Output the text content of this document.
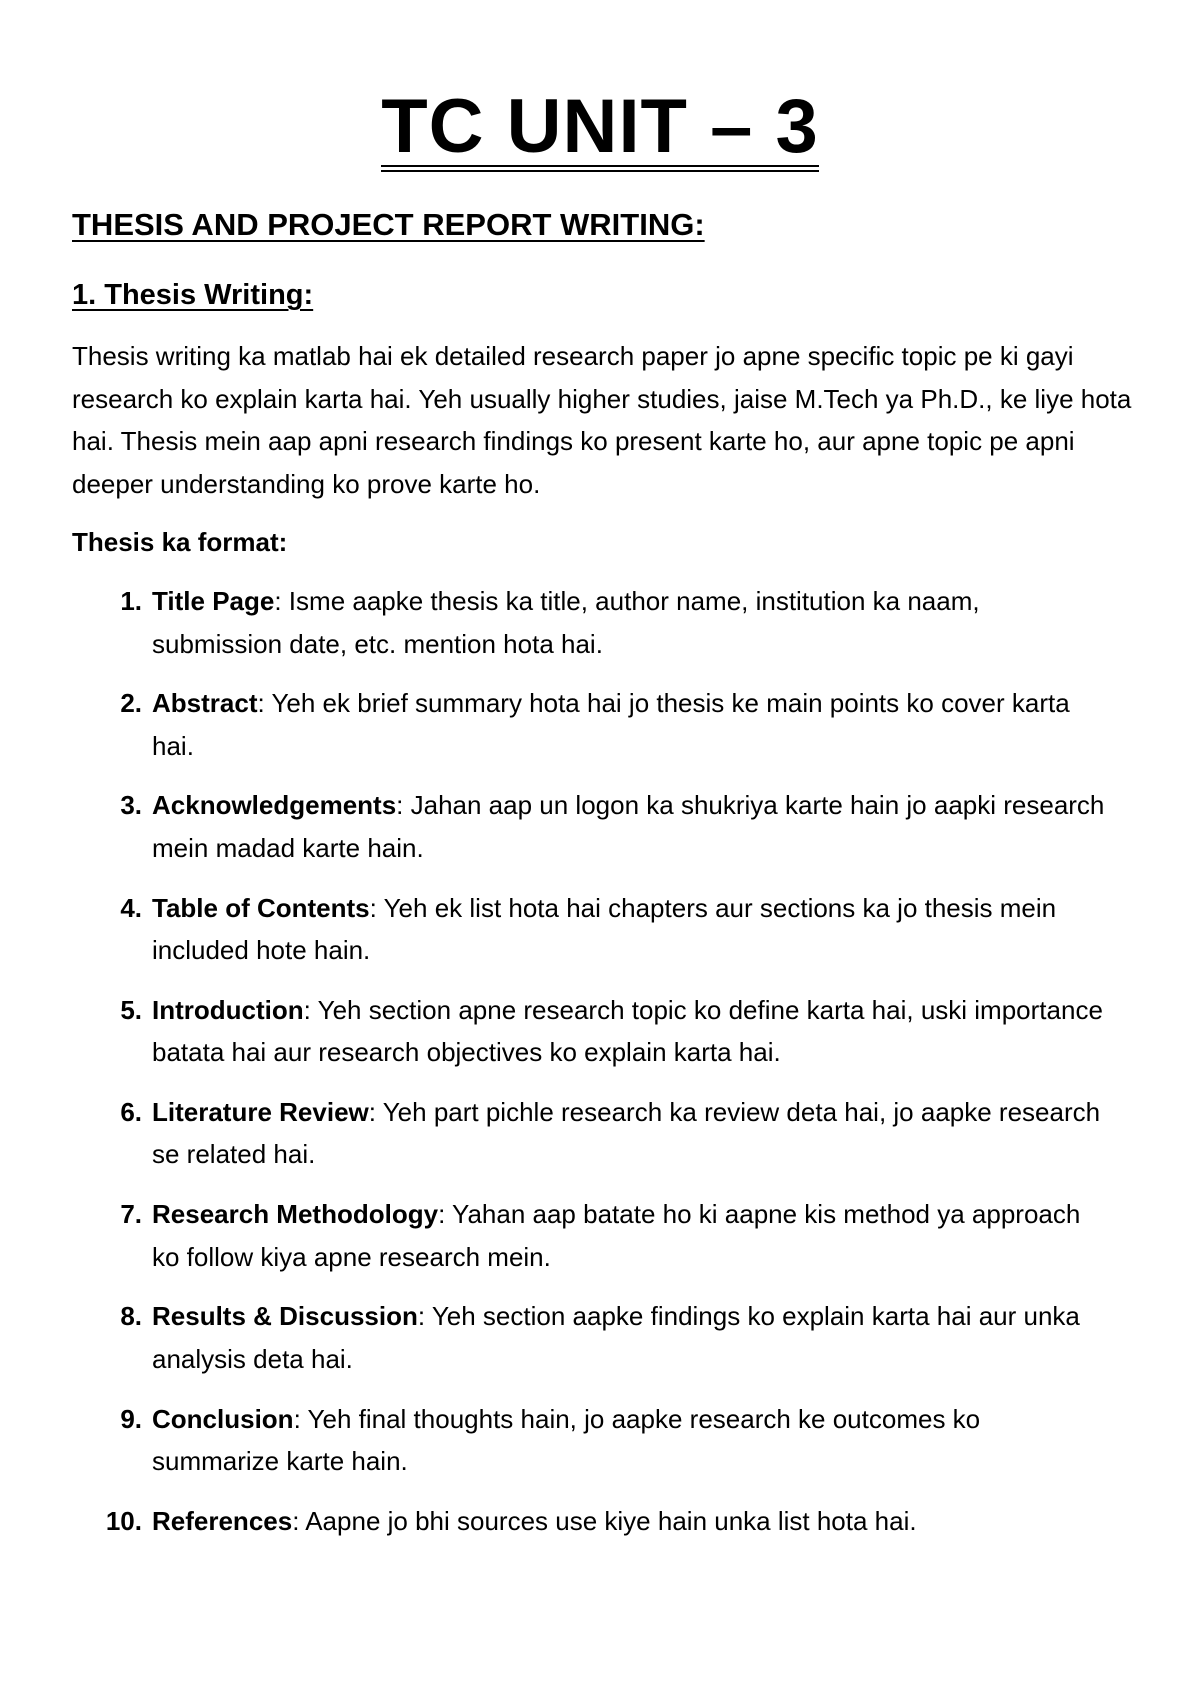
TC UNIT – 3
THESIS AND PROJECT REPORT WRITING:
1. Thesis Writing:

Thesis writing ka matlab hai ek detailed research paper jo apne specific topic pe ki gayi research ko explain karta hai. Yeh usually higher studies, jaise M.Tech ya Ph.D., ke liye hota hai. Thesis mein aap apni research findings ko present karte ho, aur apne topic pe apni deeper understanding ko prove karte ho.

Thesis ka format:

1. Title Page: Isme aapke thesis ka title, author name, institution ka naam, submission date, etc. mention hota hai.
2. Abstract: Yeh ek brief summary hota hai jo thesis ke main points ko cover karta hai.
3. Acknowledgements: Jahan aap un logon ka shukriya karte hain jo aapki research mein madad karte hain.
4. Table of Contents: Yeh ek list hota hai chapters aur sections ka jo thesis mein included hote hain.
5. Introduction: Yeh section apne research topic ko define karta hai, uski importance batata hai aur research objectives ko explain karta hai.
6. Literature Review: Yeh part pichle research ka review deta hai, jo aapke research se related hai.
7. Research Methodology: Yahan aap batate ho ki aapne kis method ya approach ko follow kiya apne research mein.
8. Results & Discussion: Yeh section aapke findings ko explain karta hai aur unka analysis deta hai.
9. Conclusion: Yeh final thoughts hain, jo aapke research ke outcomes ko summarize karte hain.
10. References: Aapne jo bhi sources use kiye hain unka list hota hai.
